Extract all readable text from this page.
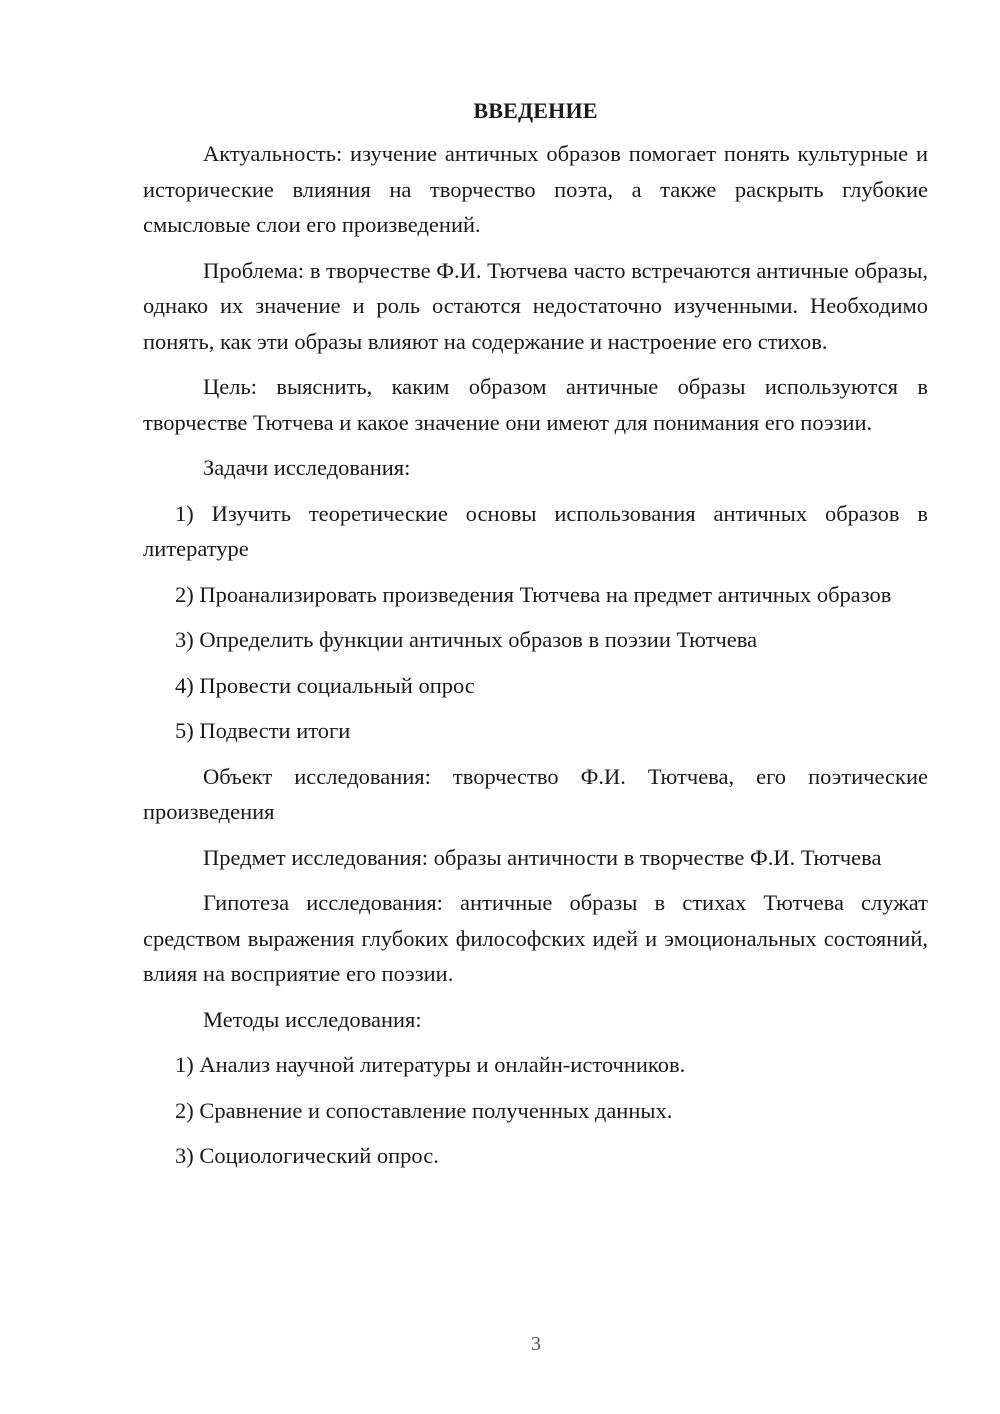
ВВЕДЕНИЕ

Актуальность: изучение античных образов помогает понять культурные и исторические влияния на творчество поэта, а также раскрыть глубокие смысловые слои его произведений.

Проблема: в творчестве Ф.И. Тютчева часто встречаются античные образы, однако их значение и роль остаются недостаточно изученными. Необходимо понять, как эти образы влияют на содержание и настроение его стихов.

Цель: выяснить, каким образом античные образы используются в творчестве Тютчева и какое значение они имеют для понимания его поэзии.

Задачи исследования:

1) Изучить теоретические основы использования античных образов в литературе

2) Проанализировать произведения Тютчева на предмет античных образов

3) Определить функции античных образов в поэзии Тютчева

4) Провести социальный опрос

5) Подвести итоги

Объект исследования: творчество Ф.И. Тютчева, его поэтические произведения

Предмет исследования: образы античности в творчестве Ф.И. Тютчева

Гипотеза исследования: античные образы в стихах Тютчева служат средством выражения глубоких философских идей и эмоциональных состояний, влияя на восприятие его поэзии.

Методы исследования:

1) Анализ научной литературы и онлайн-источников.

2) Сравнение и сопоставление полученных данных.

3) Социологический опрос.

3
